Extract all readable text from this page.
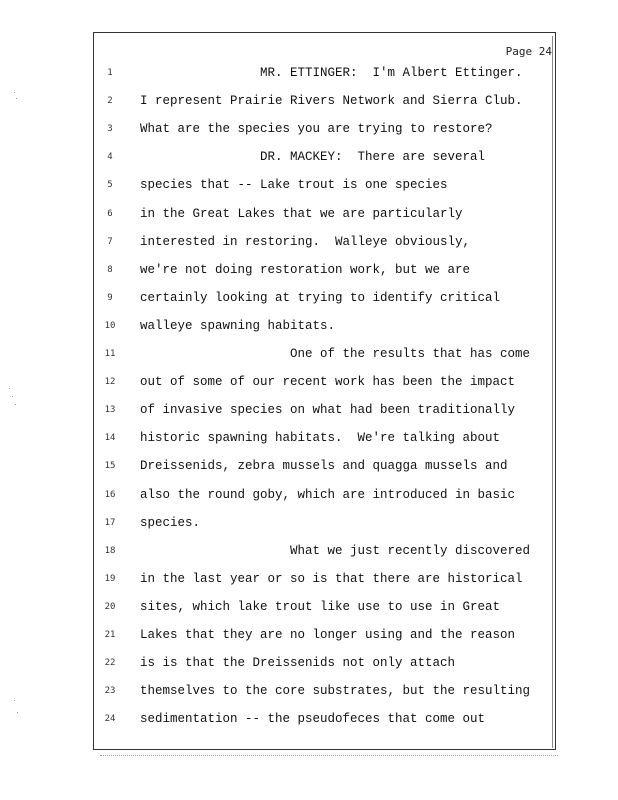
Page 24
1	MR. ETTINGER:  I'm Albert Ettinger.
2	I represent Prairie Rivers Network and Sierra Club.
3	What are the species you are trying to restore?
4	DR. MACKEY:  There are several
5	species that -- Lake trout is one species
6	in the Great Lakes that we are particularly
7	interested in restoring.  Walleye obviously,
8	we're not doing restoration work, but we are
9	certainly looking at trying to identify critical
10	walleye spawning habitats.
11	One of the results that has come
12	out of some of our recent work has been the impact
13	of invasive species on what had been traditionally
14	historic spawning habitats.  We're talking about
15	Dreissenids, zebra mussels and quagga mussels and
16	also the round goby, which are introduced in basic
17	species.
18	What we just recently discovered
19	in the last year or so is that there are historical
20	sites, which lake trout like use to use in Great
21	Lakes that they are no longer using and the reason
22	is is that the Dreissenids not only attach
23	themselves to the core substrates, but the resulting
24	sedimentation -- the pseudofeces that come out
